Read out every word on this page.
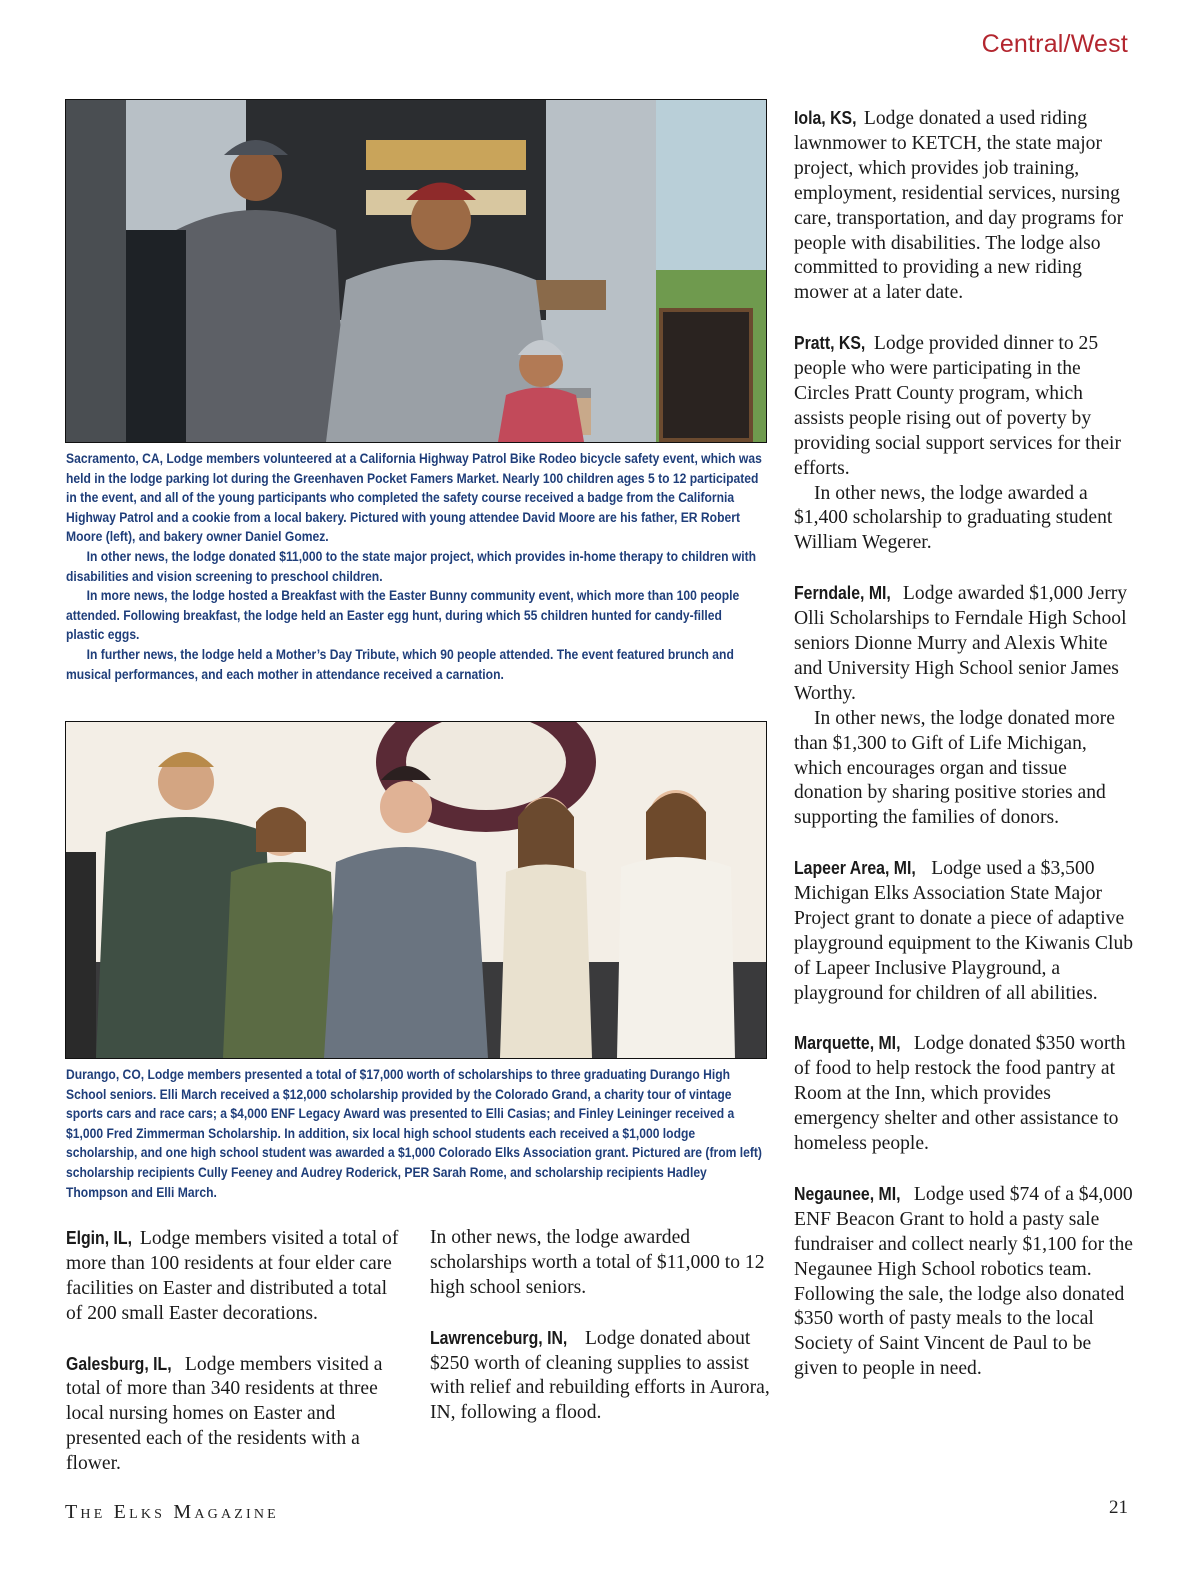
Central/West

Sacramento, CA, Lodge members volunteered at a California Highway Patrol Bike Rodeo bicycle safety event, which was held in the lodge parking lot during the Greenhaven Pocket Famers Market. Nearly 100 children ages 5 to 12 participated in the event, and all of the young participants who completed the safety course received a badge from the California Highway Patrol and a cookie from a local bakery. Pictured with young attendee David Moore are his father, ER Robert Moore (left), and bakery owner Daniel Gomez.

In other news, the lodge donated $11,000 to the state major project, which provides in-home therapy to children with disabilities and vision screening to preschool children.

In more news, the lodge hosted a Breakfast with the Easter Bunny community event, which more than 100 people attended. Following breakfast, the lodge held an Easter egg hunt, during which 55 children hunted for candy-filled plastic eggs.

In further news, the lodge held a Mother’s Day Tribute, which 90 people attended. The event featured brunch and musical performances, and each mother in attendance received a carnation.

Durango, CO, Lodge members presented a total of $17,000 worth of scholarships to three graduating Durango High School seniors. Elli March received a $12,000 scholarship provided by the Colorado Grand, a charity tour of vintage sports cars and race cars; a $4,000 ENF Legacy Award was presented to Elli Casias; and Finley Leininger received a $1,000 Fred Zimmerman Scholarship. In addition, six local high school students each received a $1,000 lodge scholarship, and one high school student was awarded a $1,000 Colorado Elks Association grant. Pictured are (from left) scholarship recipients Cully Feeney and Audrey Roderick, PER Sarah Rome, and scholarship recipients Hadley Thompson and Elli March.

Elgin, IL, Lodge members visited a total of more than 100 residents at four elder care facilities on Easter and distributed a total of 200 small Easter decorations.

Galesburg, IL, Lodge members visited a total of more than 340 residents at three local nursing homes on Easter and presented each of the residents with a flower.

In other news, the lodge awarded scholarships worth a total of $11,000 to 12 high school seniors.

Lawrenceburg, IN, Lodge donated about $250 worth of cleaning supplies to assist with relief and rebuilding efforts in Aurora, IN, following a flood.

Iola, KS, Lodge donated a used riding lawnmower to KETCH, the state major project, which provides job training, employment, residential services, nursing care, transportation, and day programs for people with disabilities. The lodge also committed to providing a new riding mower at a later date.

Pratt, KS, Lodge provided dinner to 25 people who were participating in the Circles Pratt County program, which assists people rising out of poverty by providing social support services for their efforts.

In other news, the lodge awarded a $1,400 scholarship to graduating student William Wegerer.

Ferndale, MI, Lodge awarded $1,000 Jerry Olli Scholarships to Ferndale High School seniors Dionne Murry and Alexis White and University High School senior James Worthy.

In other news, the lodge donated more than $1,300 to Gift of Life Michigan, which encourages organ and tissue donation by sharing positive stories and supporting the families of donors.

Lapeer Area, MI, Lodge used a $3,500 Michigan Elks Association State Major Project grant to donate a piece of adaptive playground equipment to the Kiwanis Club of Lapeer Inclusive Playground, a playground for children of all abilities.

Marquette, MI, Lodge donated $350 worth of food to help restock the food pantry at Room at the Inn, which provides emergency shelter and other assistance to homeless people.

Negaunee, MI, Lodge used $74 of a $4,000 ENF Beacon Grant to hold a pasty sale fundraiser and collect nearly $1,100 for the Negaunee High School robotics team. Following the sale, the lodge also donated $350 worth of pasty meals to the local Society of Saint Vincent de Paul to be given to people in need.

The Elks Magazine	21
